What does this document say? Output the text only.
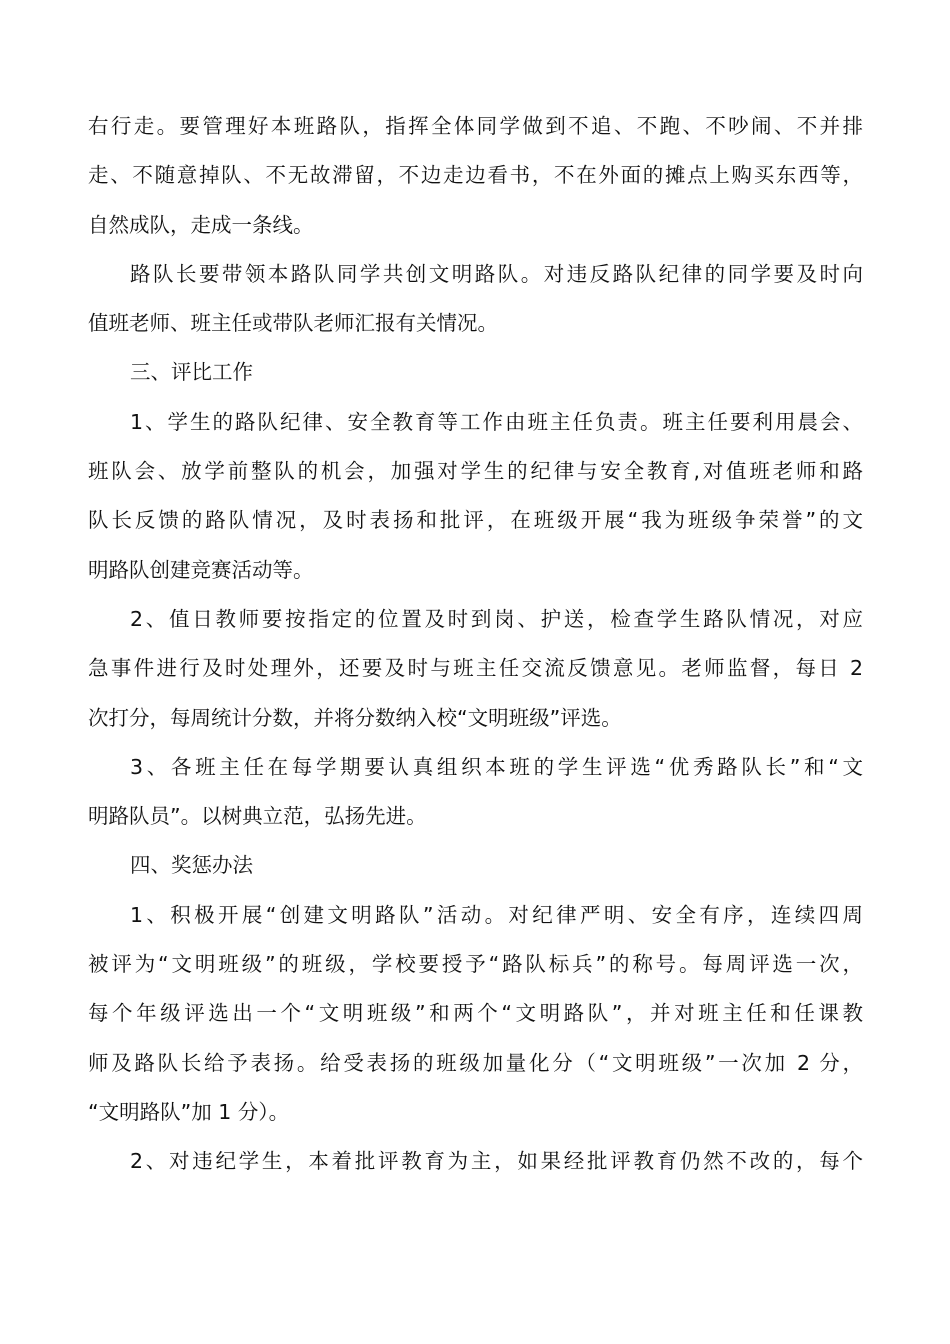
右行走。要管理好本班路队，指挥全体同学做到不追、不跑、不吵闹、不并排
走、不随意掉队、不无故滞留，不边走边看书，不在外面的摊点上购买东西等，
自然成队，走成一条线。
路队长要带领本路队同学共创文明路队。对违反路队纪律的同学要及时向
值班老师、班主任或带队老师汇报有关情况。
三、评比工作
1、学生的路队纪律、安全教育等工作由班主任负责。班主任要利用晨会、
班队会、放学前整队的机会，加强对学生的纪律与安全教育,对值班老师和路
队长反馈的路队情况，及时表扬和批评，在班级开展“我为班级争荣誉”的文
明路队创建竞赛活动等。
2、值日教师要按指定的位置及时到岗、护送，检查学生路队情况，对应
急事件进行及时处理外，还要及时与班主任交流反馈意见。老师监督，每日 2
次打分，每周统计分数，并将分数纳入校“文明班级”评选。
3、各班主任在每学期要认真组织本班的学生评选“优秀路队长”和“文
明路队员”。以树典立范，弘扬先进。
四、奖惩办法
1、积极开展“创建文明路队”活动。对纪律严明、安全有序，连续四周
被评为“文明班级”的班级，学校要授予“路队标兵”的称号。每周评选一次，
每个年级评选出一个“文明班级”和两个“文明路队”，并对班主任和任课教
师及路队长给予表扬。给受表扬的班级加量化分（“文明班级”一次加 2 分，
“文明路队”加 1 分）。
2、对违纪学生，本着批评教育为主，如果经批评教育仍然不改的，每个
